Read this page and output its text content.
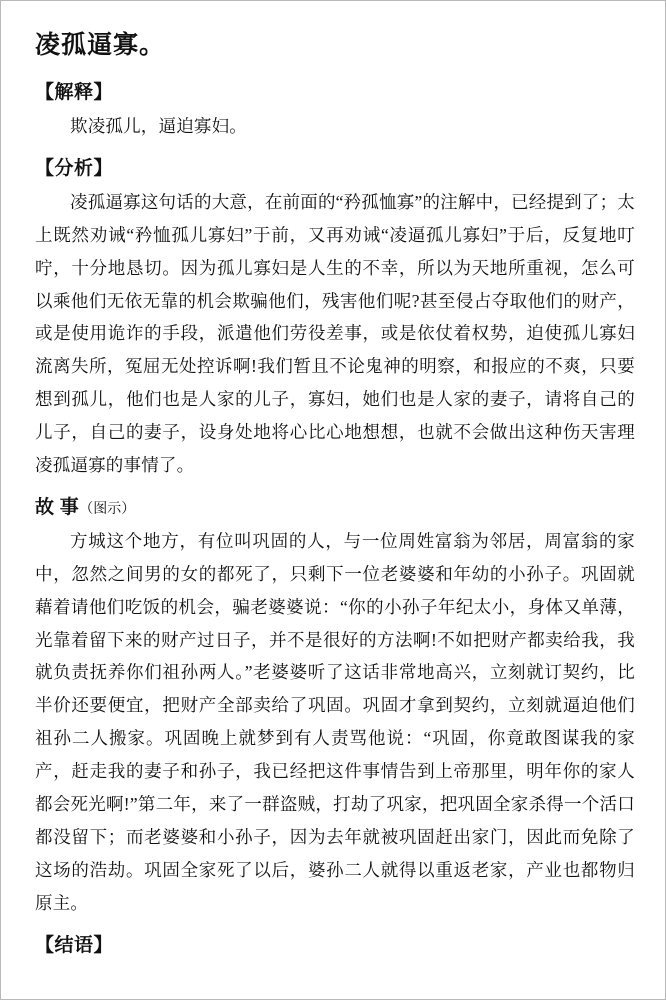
凌孤逼寡。
【解释】
欺凌孤儿，逼迫寡妇。
【分析】
凌孤逼寡这句话的大意，在前面的“矜孤恤寡”的注解中，已经提到了；太上既然劝诫“矜恤孤儿寡妇”于前，又再劝诫“凌逼孤儿寡妇”于后，反复地叮咛，十分地恳切。因为孤儿寡妇是人生的不幸，所以为天地所重视，怎么可以乘他们无依无靠的机会欺骗他们，残害他们呢?甚至侵占夺取他们的财产，或是使用诡诈的手段，派遣他们劳役差事，或是依仗着权势，迫使孤儿寡妇流离失所，冤屈无处控诉啊!我们暂且不论鬼神的明察，和报应的不爽，只要想到孤儿，他们也是人家的儿子，寡妇，她们也是人家的妻子，请将自己的儿子，自己的妻子，设身处地将心比心地想想，也就不会做出这种伤天害理凌孤逼寡的事情了。
故 事（图示）
方城这个地方，有位叫巩固的人，与一位周姓富翁为邻居，周富翁的家中，忽然之间男的女的都死了，只剩下一位老婆婆和年幼的小孙子。巩固就藉着请他们吃饭的机会，骗老婆婆说：“你的小孙子年纪太小，身体又单薄，光靠着留下来的财产过日子，并不是很好的方法啊!不如把财产都卖给我，我就负责抚养你们祖孙两人。”老婆婆听了这话非常地高兴，立刻就订契约，比半价还要便宜，把财产全部卖给了巩固。巩固才拿到契约，立刻就逼迫他们祖孙二人搬家。巩固晚上就梦到有人责骂他说：“巩固，你竟敢图谋我的家产，赶走我的妻子和孙子，我已经把这件事情告到上帝那里，明年你的家人都会死光啊!”第二年，来了一群盗贼，打劫了巩家，把巩固全家杀得一个活口都没留下；而老婆婆和小孙子，因为去年就被巩固赶出家门，因此而免除了这场的浩劫。巩固全家死了以后，婆孙二人就得以重返老家，产业也都物归原主。
【结语】
